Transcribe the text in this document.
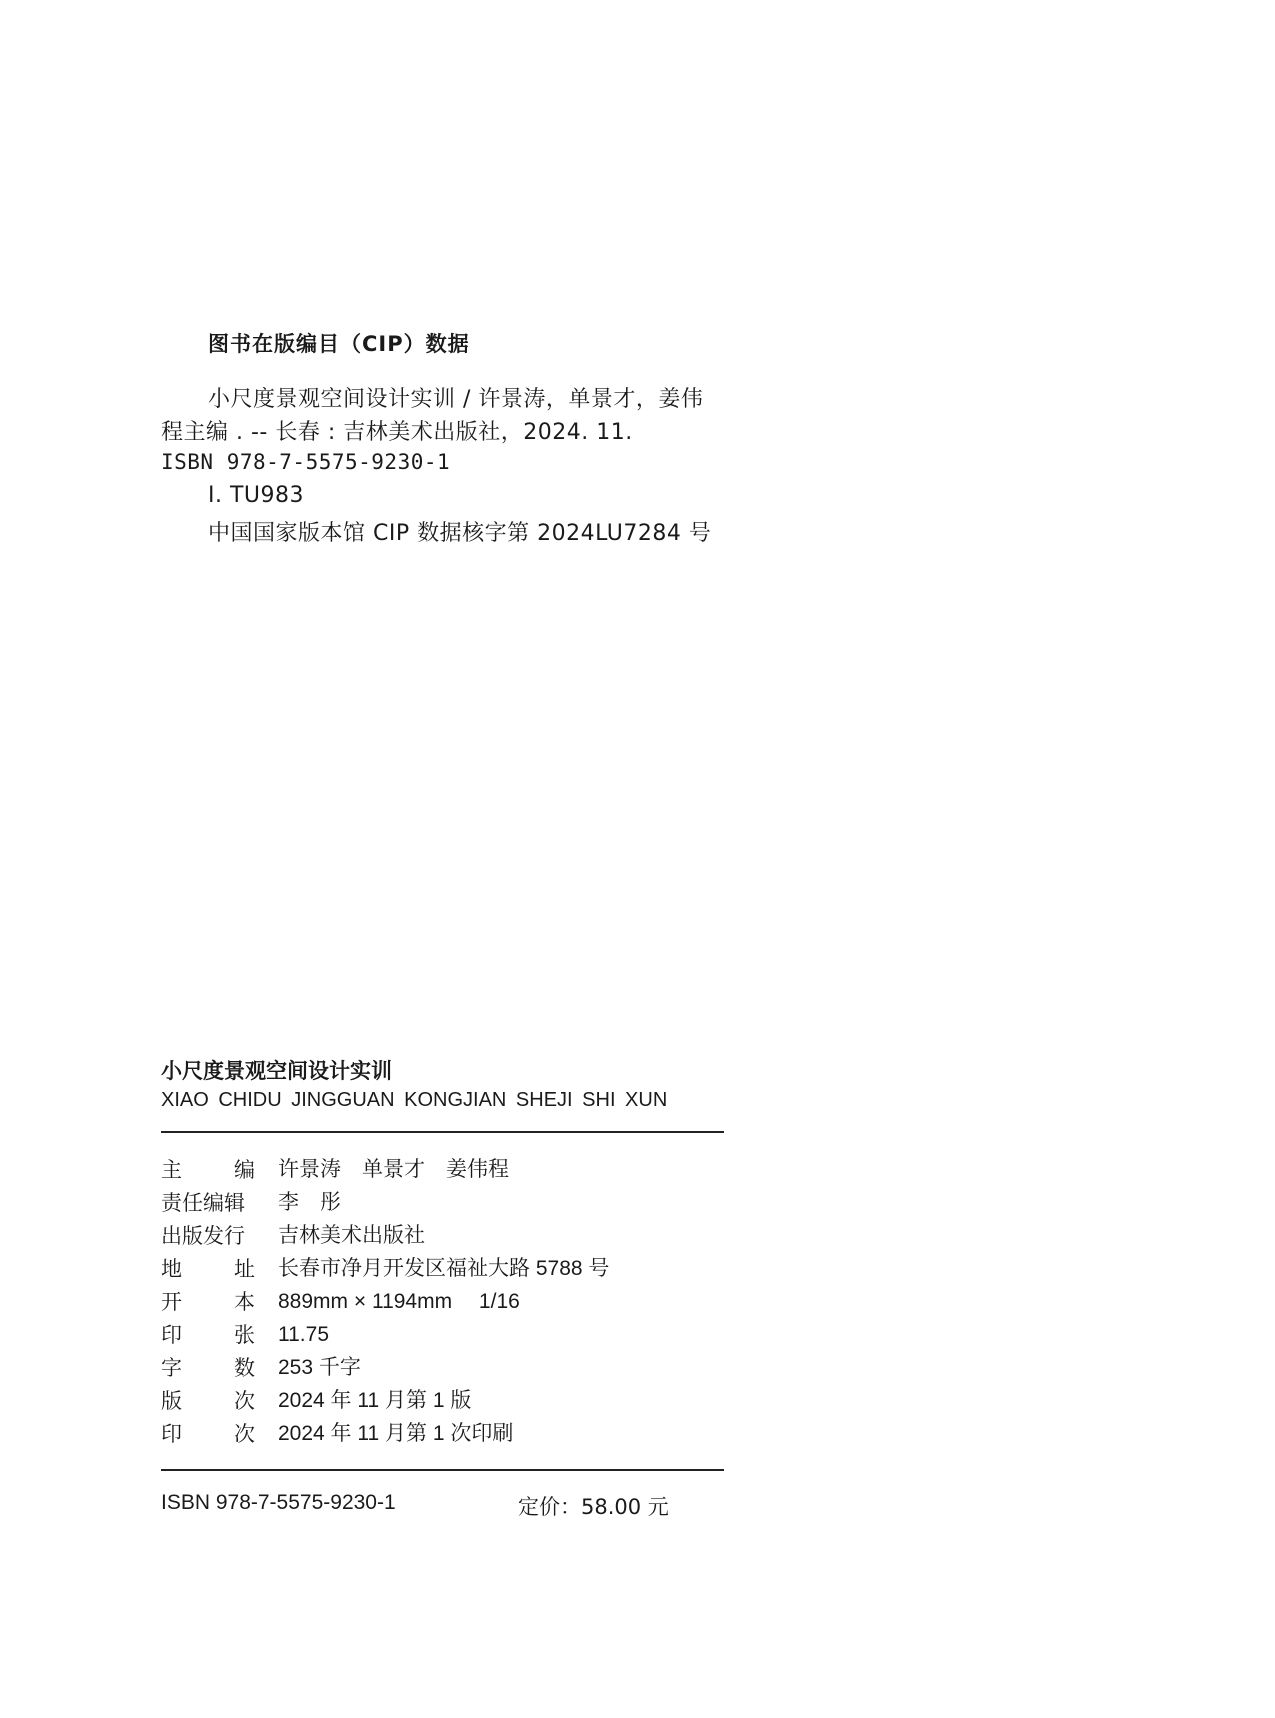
图书在版编目（CIP）数据
小尺度景观空间设计实训 / 许景涛，单景才，姜伟
程主编 . -- 长春 : 吉林美术出版社，2024. 11.
ISBN 978-7-5575-9230-1
Ⅰ. TU983
中国国家版本馆 CIP 数据核字第 2024LU7284 号
小尺度景观空间设计实训
XIAO CHIDU JINGGUAN KONGJIAN SHEJI SHI XUN
主 编 许景涛　单景才　姜伟程
责任编辑 李　彤
出版发行 吉林美术出版社
地 址 长春市净月开发区福祉大路 5788 号
开 本 889mm × 1194mm　 1/16
印 张 11.75
字 数 253 千字
版 次 2024 年 11 月第 1 版
印 次 2024 年 11 月第 1 次印刷
ISBN 978-7-5575-9230-1	定价：58.00 元
